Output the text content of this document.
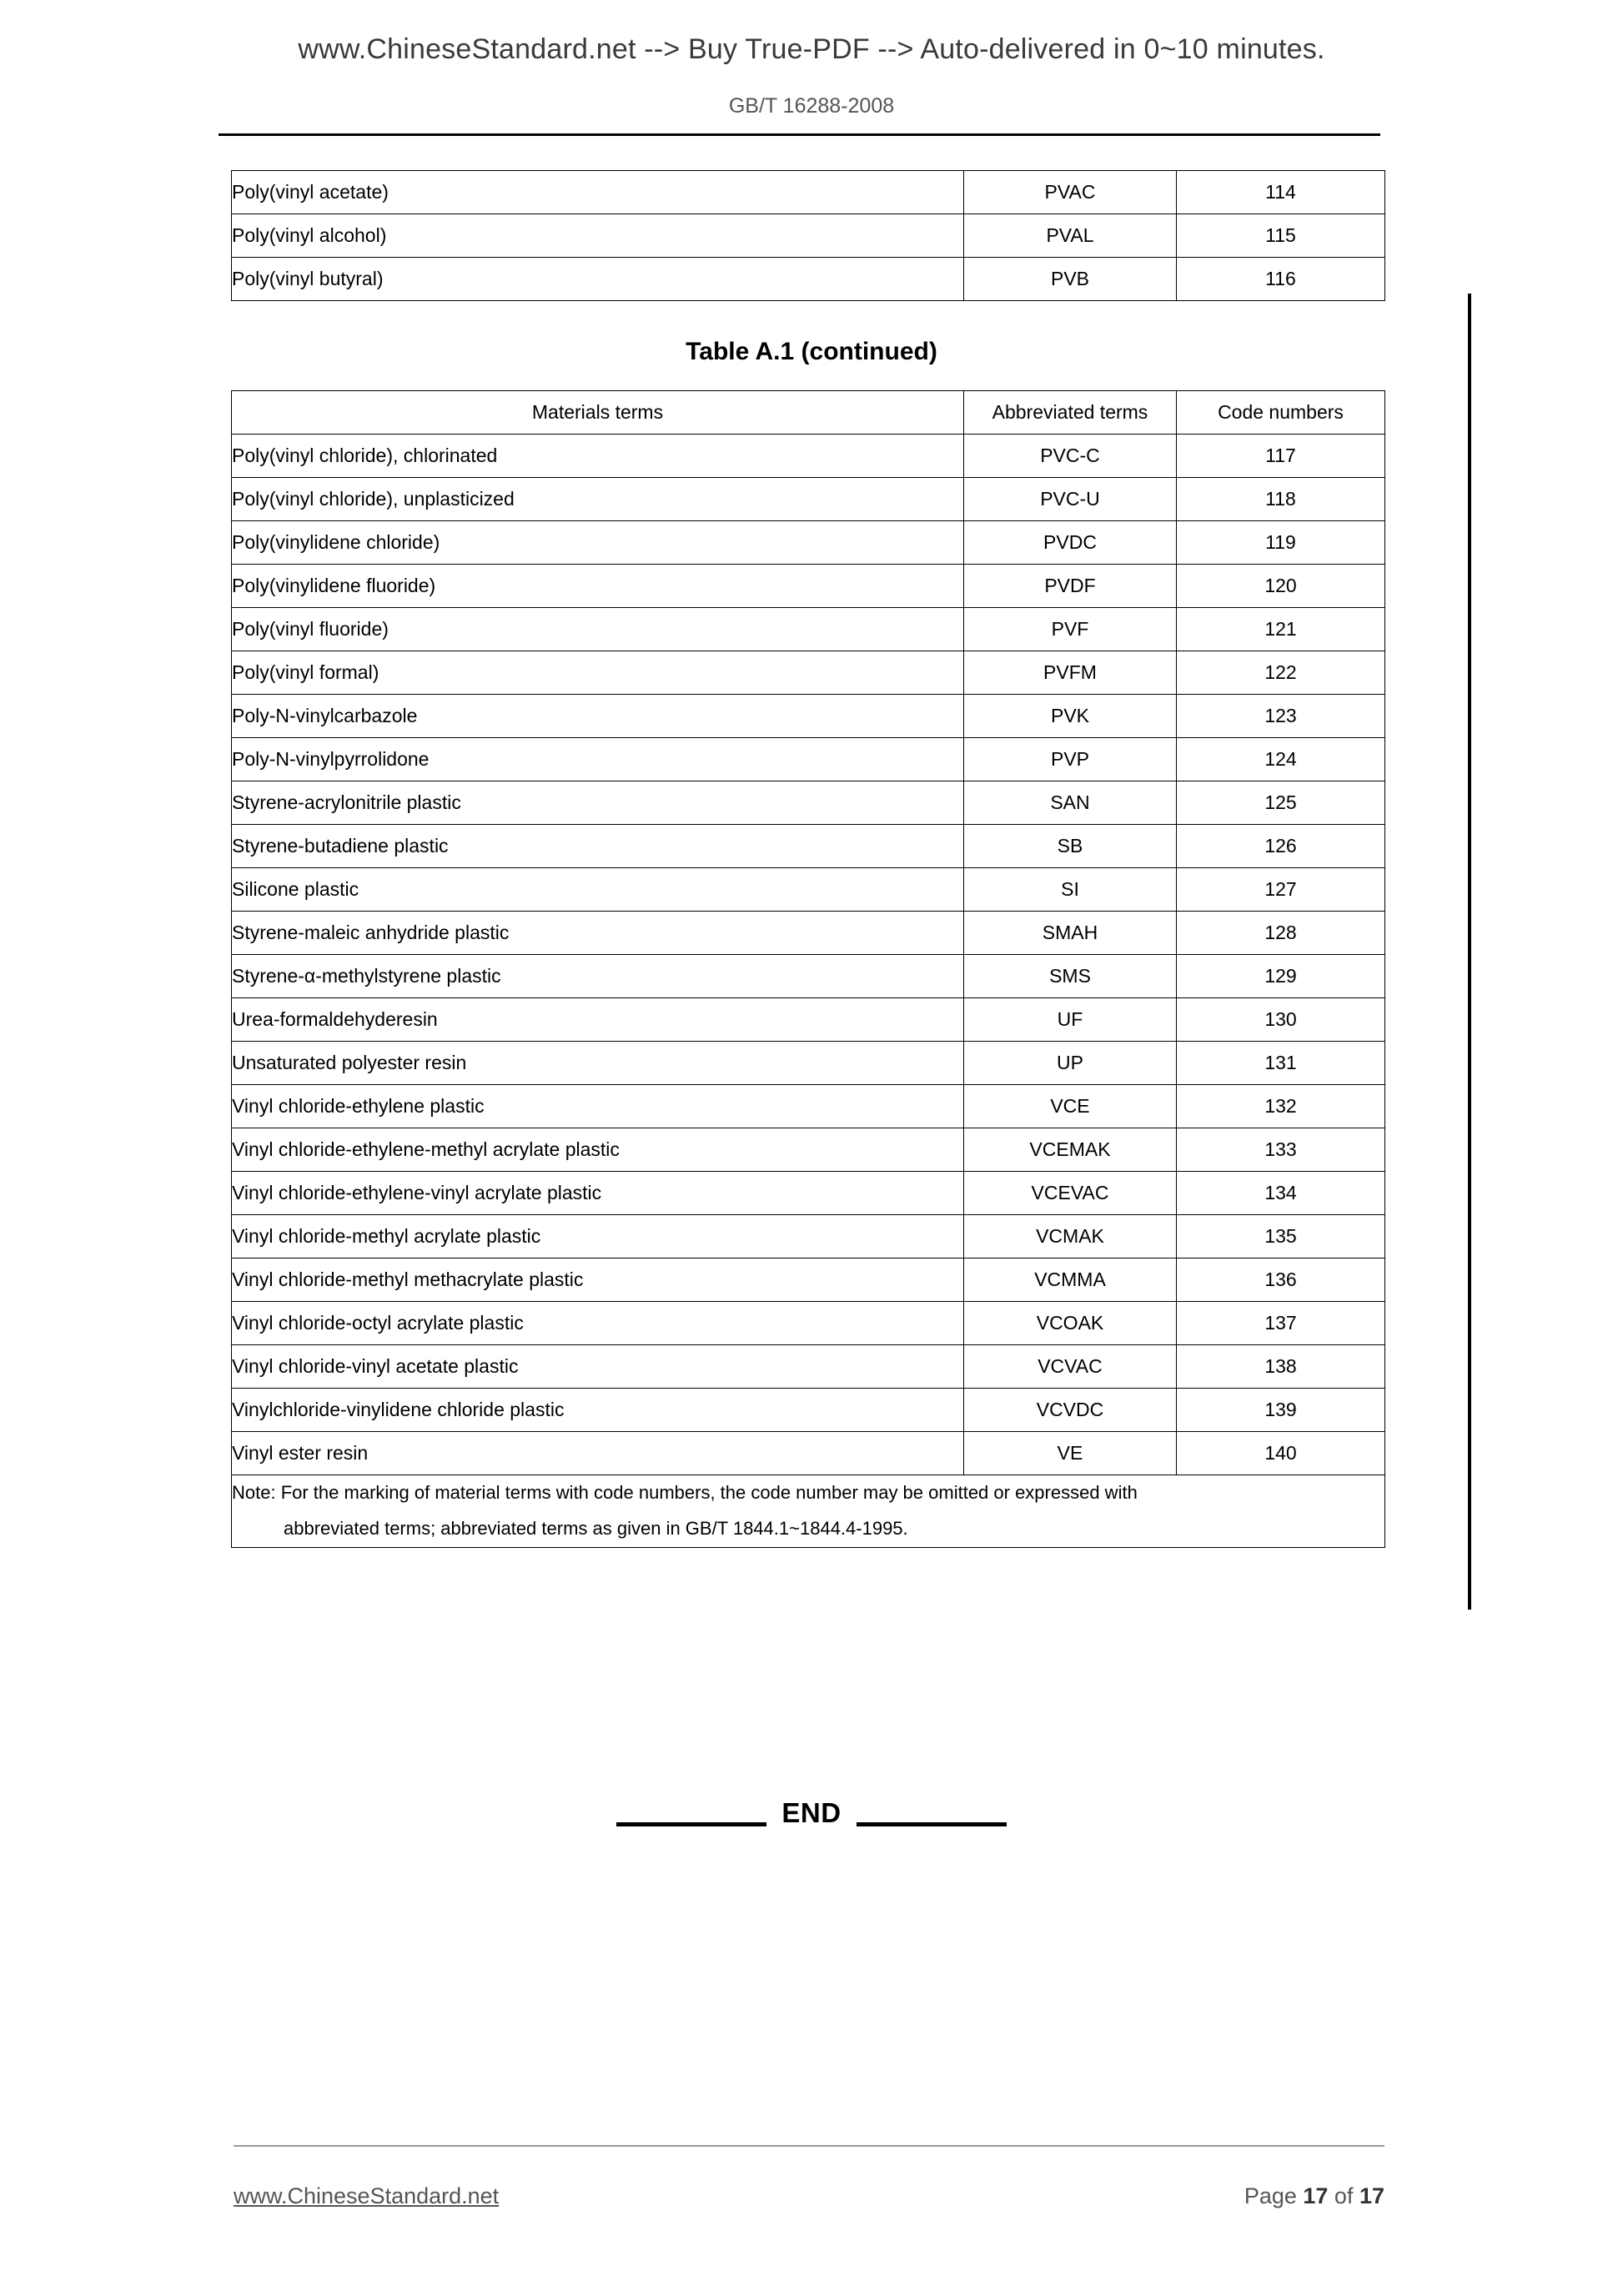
www.ChineseStandard.net --> Buy True-PDF --> Auto-delivered in 0~10 minutes.
GB/T 16288-2008
Poly(vinyl acetate)	PVAC	114
Poly(vinyl alcohol)	PVAL	115
Poly(vinyl butyral)	PVB	116
Table A.1 (continued)
Materials terms	Abbreviated terms	Code numbers
Poly(vinyl chloride), chlorinated	PVC-C	117
Poly(vinyl chloride), unplasticized	PVC-U	118
Poly(vinylidene chloride)	PVDC	119
Poly(vinylidene fluoride)	PVDF	120
Poly(vinyl fluoride)	PVF	121
Poly(vinyl formal)	PVFM	122
Poly-N-vinylcarbazole	PVK	123
Poly-N-vinylpyrrolidone	PVP	124
Styrene-acrylonitrile plastic	SAN	125
Styrene-butadiene plastic	SB	126
Silicone plastic	SI	127
Styrene-maleic anhydride plastic	SMAH	128
Styrene-α-methylstyrene plastic	SMS	129
Urea-formaldehyderesin	UF	130
Unsaturated polyester resin	UP	131
Vinyl chloride-ethylene plastic	VCE	132
Vinyl chloride-ethylene-methyl acrylate plastic	VCEMAK	133
Vinyl chloride-ethylene-vinyl acrylate plastic	VCEVAC	134
Vinyl chloride-methyl acrylate plastic	VCMAK	135
Vinyl chloride-methyl methacrylate plastic	VCMMA	136
Vinyl chloride-octyl acrylate plastic	VCOAK	137
Vinyl chloride-vinyl acetate plastic	VCVAC	138
Vinylchloride-vinylidene chloride plastic	VCVDC	139
Vinyl ester resin	VE	140
Note: For the marking of material terms with code numbers, the code number may be omitted or expressed with
abbreviated terms; abbreviated terms as given in GB/T 1844.1~1844.4-1995.		
END
www.ChineseStandard.net	Page 17 of 17
